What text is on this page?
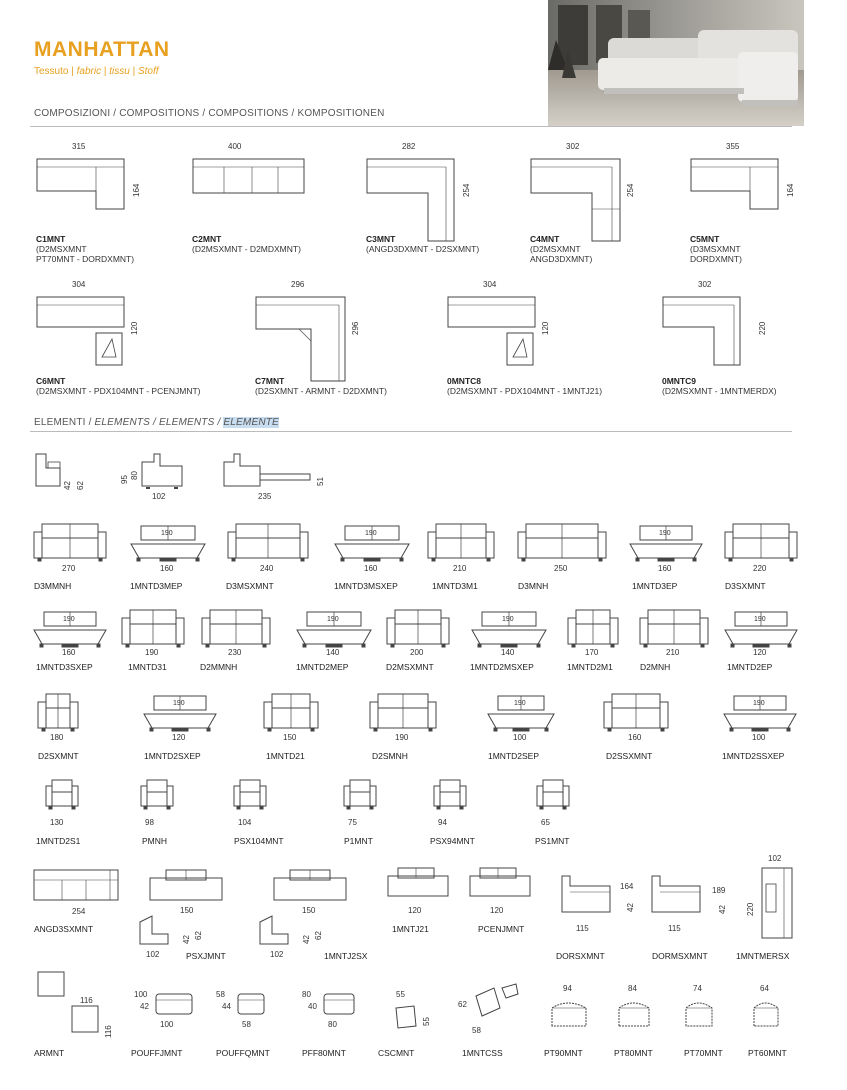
MANHATTAN
Tessuto | fabric | tissu | Stoff
COMPOSIZIONI / COMPOSITIONS / COMPOSITIONS / KOMPOSITIONEN
315
164
C1MNT
(D2MSXMNT
PT70MNT - DORDXMNT)
400
C2MNT
(D2MSXMNT - D2MDXMNT)
282
254
C3MNT
(ANGD3DXMNT - D2SXMNT)
302
254
C4MNT
(D2MSXMNT
ANGD3DXMNT)
355
164
C5MNT
(D3MSXMNT
DORDXMNT)
304
120
C6MNT
(D2MSXMNT - PDX104MNT - PCENJMNT)
296
296
C7MNT
(D2SXMNT - ARMNT - D2DXMNT)
304
120
0MNTC8
(D2MSXMNT - PDX104MNT - 1MNTJ21)
302
220
0MNTC9
(D2MSXMNT - 1MNTMERDX)
ELEMENTI / ELEMENTS / ELEMENTS / ELEMENTE
42 62
95 80
102	235
51
270
D3MMNH
190
160
1MNTD3MEP
240
D3MSXMNT
190
160
1MNTD3MSXEP
210
1MNTD3M1
250
D3MNH
190
160
1MNTD3EP
220
D3SXMNT
190
160
1MNTD3SXEP
190
1MNTD31
230
D2MMNH
190
140
1MNTD2MEP
200
D2MSXMNT
190
140
1MNTD2MSXEP
170
1MNTD2M1
210
D2MNH
190
120
1MNTD2EP
180
D2SXMNT
190
120
1MNTD2SXEP
150
1MNTD21
190
D2SMNH
190
100
1MNTD2SEP
160
D2SSXMNT
190
100
1MNTD2SSXEP
130
1MNTD2S1
98
PMNH
104
PSX104MNT
75
P1MNT
94
PSX94MNT
65
PS1MNT
254
ANGD3SXMNT
150
102
42 62
PSXJMNT
150
102
42 62
1MNTJ2SX
120
1MNTJ21
120
PCENJMNT	115
164
42
DORSXMNT
115
189
42
DORMSXMNT
102
220
1MNTMERSX
116
116
ARMNT
100
42
100
POUFFJMNT
58
44
58
POUFFQMNT
80
40
80
PFF80MNT
55
55
CSCMNT
62
58
1MNTCSS
94
PT90MNT
84
PT80MNT
74
PT70MNT
64
PT60MNT
